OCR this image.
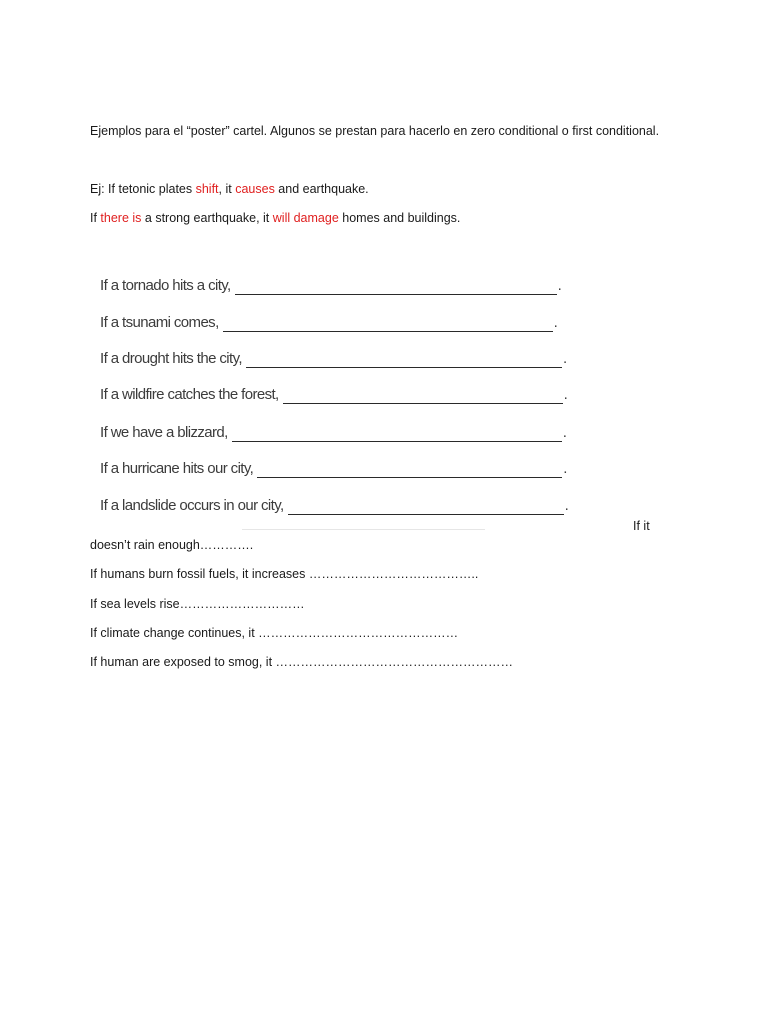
Ejemplos para el “poster” cartel. Algunos se prestan para hacerlo en zero conditional o first conditional.
Ej: If tetonic plates shift, it causes and earthquake.
If there is a strong earthquake, it will damage homes and buildings.
If a tornado hits a city,	.
If a tsunami comes,	.
If a drought hits the city,	.
If a wildfire catches the forest,	.
If we have a blizzard,	.
If a hurricane hits our city,	.
If a landslide occurs in our city,	.
If it
doesn’t rain enough………….
If humans burn fossil fuels, it increases …………………………………..
If sea levels rise…………………………
If climate change continues, it …………………………………………
If human are exposed to smog, it …………………………………………………
